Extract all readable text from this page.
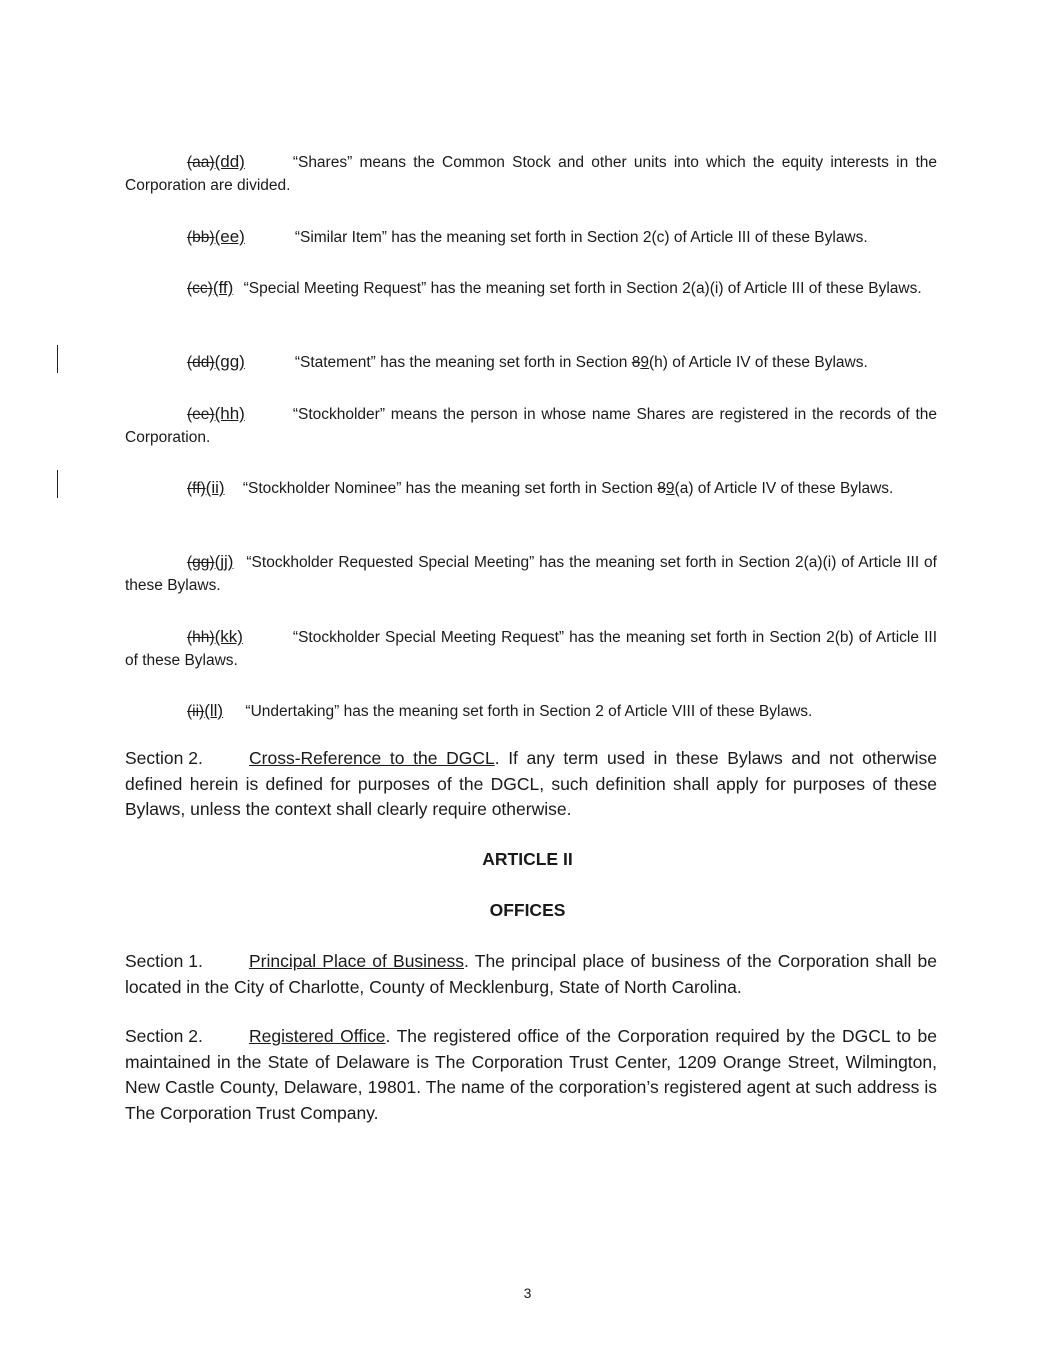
(aa)(dd)	“Shares” means the Common Stock and other units into which the equity interests in the Corporation are divided.
(bb)(ee)	“Similar Item” has the meaning set forth in Section 2(c) of Article III of these Bylaws.
(cc)(ff) “Special Meeting Request” has the meaning set forth in Section 2(a)(i) of Article III of these Bylaws.
(dd)(gg)	“Statement” has the meaning set forth in Section 89(h) of Article IV of these Bylaws.
(ee)(hh)	“Stockholder” means the person in whose name Shares are registered in the records of the Corporation.
(ff)(ii) “Stockholder Nominee” has the meaning set forth in Section 89(a) of Article IV of these Bylaws.
(gg)(jj) “Stockholder Requested Special Meeting” has the meaning set forth in Section 2(a)(i) of Article III of these Bylaws.
(hh)(kk)	“Stockholder Special Meeting Request” has the meaning set forth in Section 2(b) of Article III of these Bylaws.
(ii)(ll) “Undertaking” has the meaning set forth in Section 2 of Article VIII of these Bylaws.
Section 2.	Cross-Reference to the DGCL. If any term used in these Bylaws and not otherwise defined herein is defined for purposes of the DGCL, such definition shall apply for purposes of these Bylaws, unless the context shall clearly require otherwise.
ARTICLE II
OFFICES
Section 1.	Principal Place of Business. The principal place of business of the Corporation shall be located in the City of Charlotte, County of Mecklenburg, State of North Carolina.
Section 2.	Registered Office. The registered office of the Corporation required by the DGCL to be maintained in the State of Delaware is The Corporation Trust Center, 1209 Orange Street, Wilmington, New Castle County, Delaware, 19801. The name of the corporation’s registered agent at such address is The Corporation Trust Company.
3
